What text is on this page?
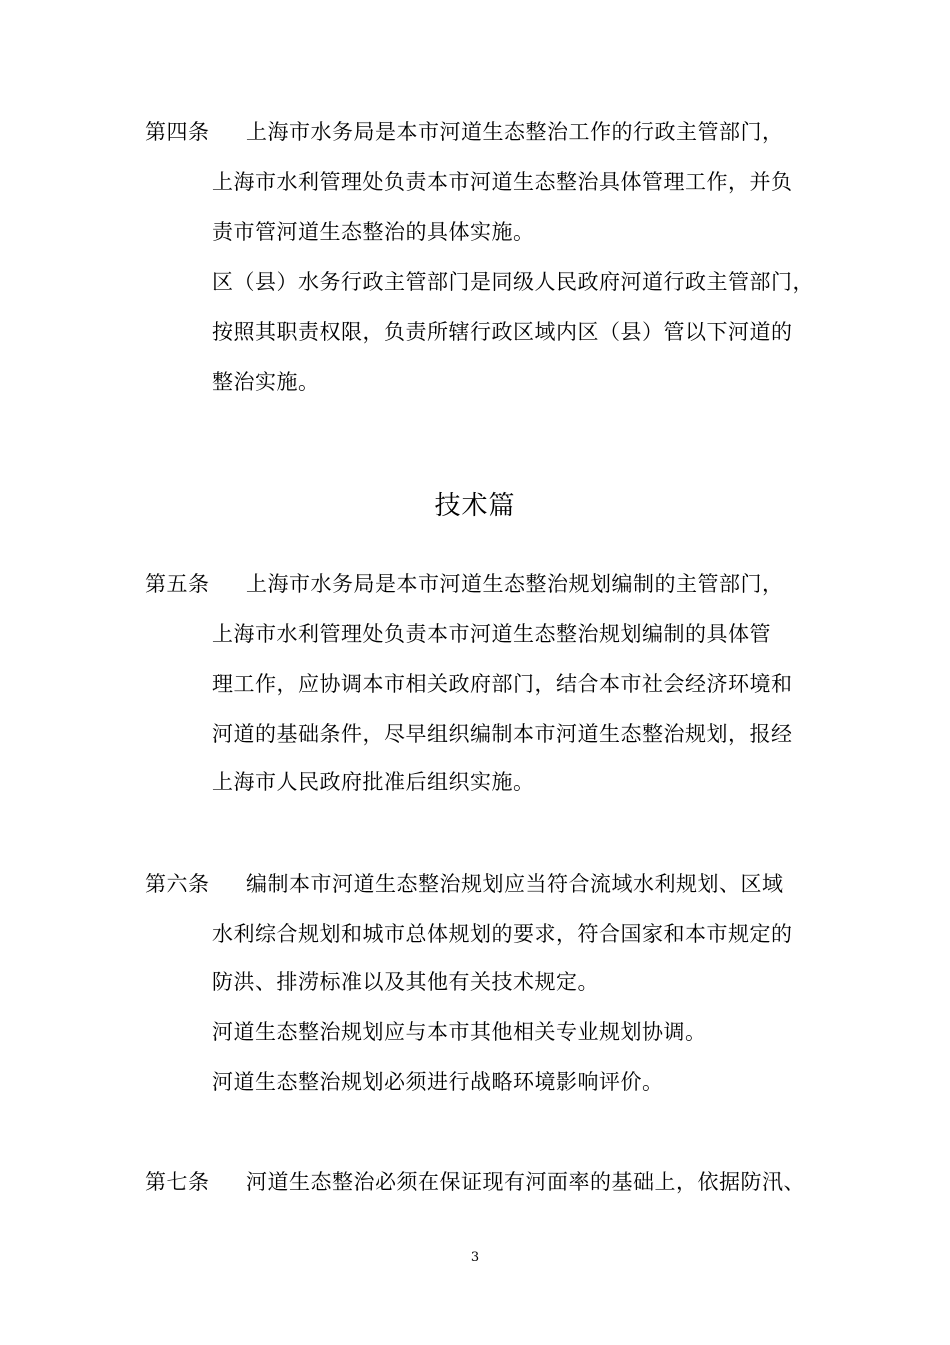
第四条 上海市水务局是本市河道生态整治工作的行政主管部门，
上海市水利管理处负责本市河道生态整治具体管理工作，并负
责市管河道生态整治的具体实施。
区（县）水务行政主管部门是同级人民政府河道行政主管部门，
按照其职责权限，负责所辖行政区域内区（县）管以下河道的
整治实施。
技术篇
第五条 上海市水务局是本市河道生态整治规划编制的主管部门，
上海市水利管理处负责本市河道生态整治规划编制的具体管
理工作，应协调本市相关政府部门，结合本市社会经济环境和
河道的基础条件，尽早组织编制本市河道生态整治规划，报经
上海市人民政府批准后组织实施。
第六条 编制本市河道生态整治规划应当符合流域水利规划、区域
水利综合规划和城市总体规划的要求，符合国家和本市规定的
防洪、排涝标准以及其他有关技术规定。
河道生态整治规划应与本市其他相关专业规划协调。
河道生态整治规划必须进行战略环境影响评价。
第七条 河道生态整治必须在保证现有河面率的基础上，依据防汛、
3
